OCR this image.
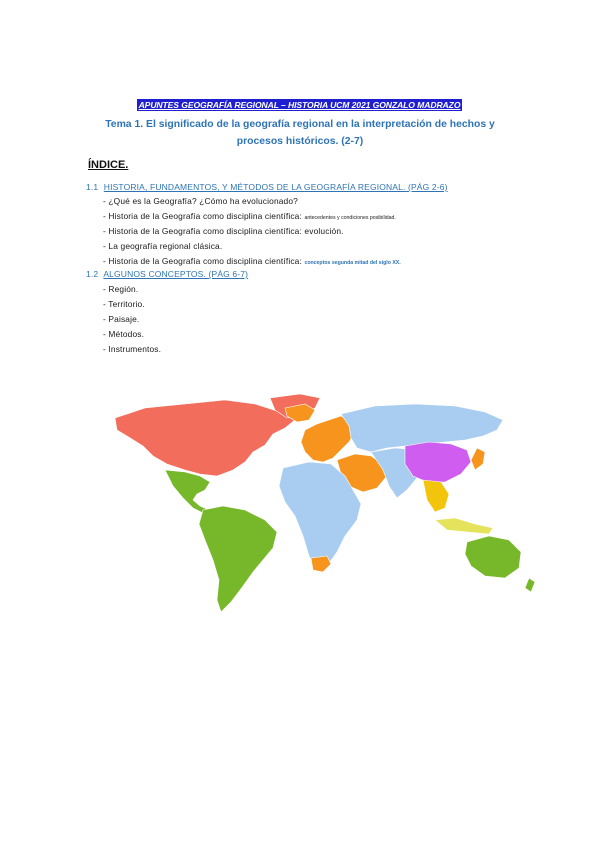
APUNTES GEOGRAFÍA REGIONAL – HISTORIA UCM 2021 GONZALO MADRAZO
Tema 1. El significado de la geografía regional en la interpretación de hechos y
procesos históricos. (2-7)
ÍNDICE.
1.1 HISTORIA, FUNDAMENTOS, Y MÉTODOS DE LA GEOGRAFÍA REGIONAL. (PÁG 2-6)
- ¿Qué es la Geografía? ¿Cómo ha evolucionado?
- Historia de la Geografía como disciplina científica: antecedentes y condiciones posibilidad.
- Historia de la Geografía como disciplina científica: evolución.
- La geografía regional clásica.
- Historia de la Geografía como disciplina científica: conceptos segunda mitad del siglo XX.
1.2 ALGUNOS CONCEPTOS. (PÁG 6-7)
- Región.
- Territorio.
- Paisaje.
- Métodos.
- Instrumentos.
